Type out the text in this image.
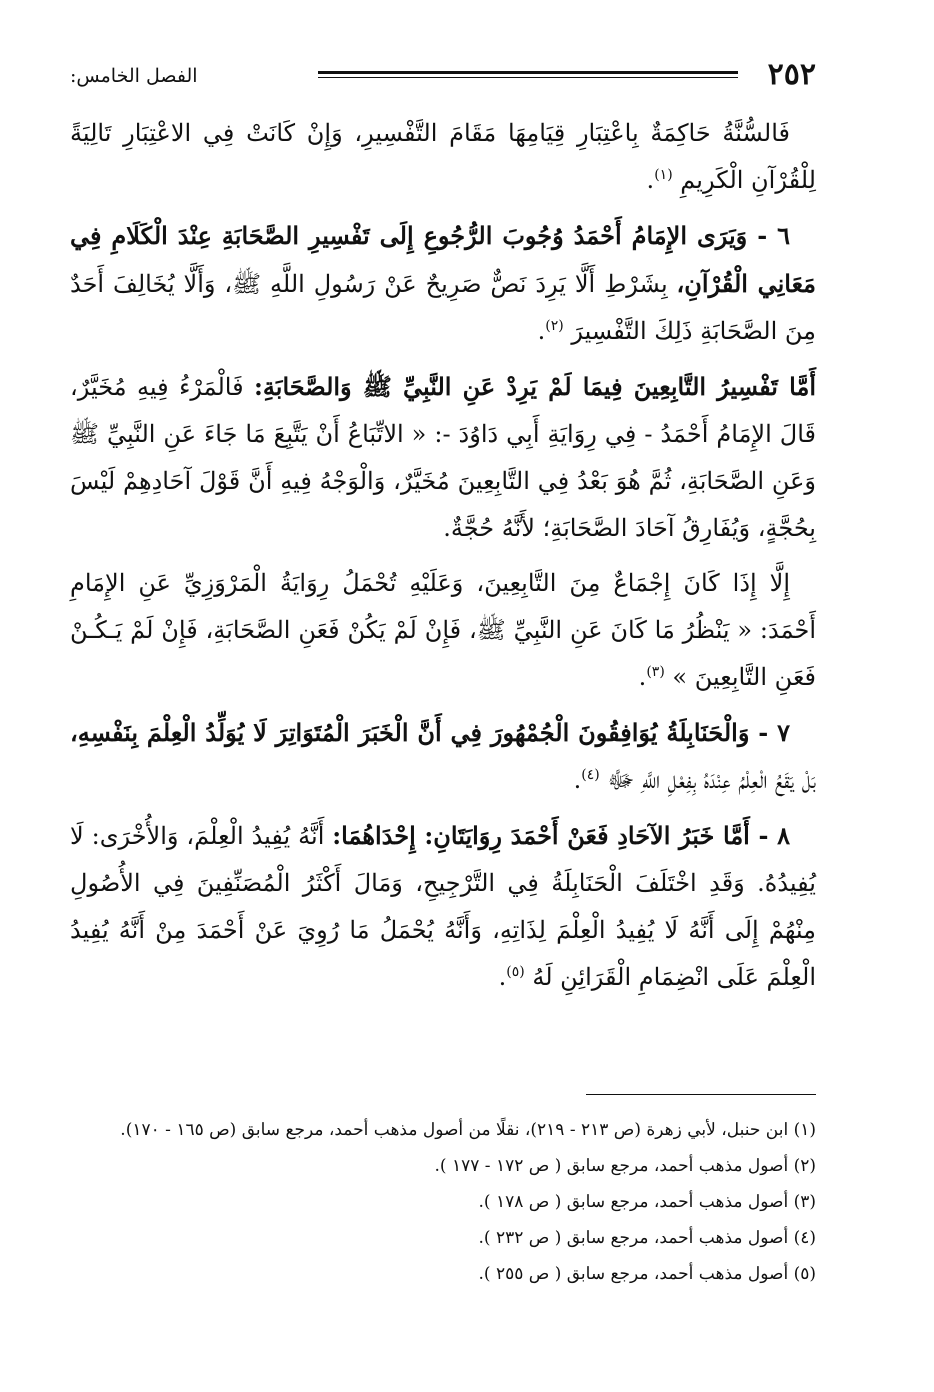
٢٥٢
الفصل الخامس:

فَالسُّنَّةُ حَاكِمَةٌ بِاعْتِبَارِ قِيَامِهَا مَقَامَ التَّفْسِيرِ، وَإِنْ كَانَتْ فِي الاعْتِبَارِ تَالِيَةً لِلْقُرْآنِ الْكَرِيمِ $^{(١)}$.

٦ - وَيَرَى الإِمَامُ أَحْمَدُ وُجُوبَ الرُّجُوعِ إِلَى تَفْسِيرِ الصَّحَابَةِ عِنْدَ الْكَلَامِ فِي مَعَانِي الْقُرْآنِ، بِشَرْطِ أَلَّا يَرِدَ نَصٌّ صَرِيحٌ عَنْ رَسُولِ اللَّهِ ﷺ، وَأَلَّا يُخَالِفَ أَحَدٌ مِنَ الصَّحَابَةِ ذَلِكَ التَّفْسِيرَ $^{(٢)}$.

أَمَّا تَفْسِيرُ التَّابِعِينَ فِيمَا لَمْ يَرِدْ عَنِ النَّبِيِّ ﷺ وَالصَّحَابَةِ: فَالْمَرْءُ فِيهِ مُخَيَّرٌ، قَالَ الإِمَامُ أَحْمَدُ - فِي رِوَايَةِ أَبِي دَاوُدَ -: « الاتِّبَاعُ أَنْ يَتَّبِعَ مَا جَاءَ عَنِ النَّبِيِّ ﷺ وَعَنِ الصَّحَابَةِ، ثُمَّ هُوَ بَعْدُ فِي التَّابِعِينَ مُخَيَّرٌ، وَالْوَجْهُ فِيهِ أَنَّ قَوْلَ آحَادِهِمْ لَيْسَ بِحُجَّةٍ، وَيُفَارِقُ آحَادَ الصَّحَابَةِ؛ لأَنَّهُ حُجَّةٌ.

إِلَّا إِذَا كَانَ إِجْمَاعٌ مِنَ التَّابِعِينَ، وَعَلَيْهِ تُحْمَلُ رِوَايَةُ الْمَرْوَزِيِّ عَنِ الإِمَامِ أَحْمَدَ: « يَنْظُرُ مَا كَانَ عَنِ النَّبِيِّ ﷺ، فَإِنْ لَمْ يَكُنْ فَعَنِ الصَّحَابَةِ، فَإِنْ لَمْ يَـكُـنْ فَعَنِ التَّابِعِينَ » $^{(٣)}$.

٧ - وَالْحَنَابِلَةُ يُوَافِقُونَ الْجُمْهُورَ فِي أَنَّ الْخَبَرَ الْمُتَوَاتِرَ لَا يُوَلِّدُ الْعِلْمَ بِنَفْسِهِ، بَلْ يَقَعُ الْعِلْمُ عِنْدَهُ بِفِعْلِ اللَّهِ ﷻ $^{(٤)}$.

٨ - أَمَّا خَبَرُ الآحَادِ فَعَنْ أَحْمَدَ رِوَايَتَانِ: إِحْدَاهُمَا: أَنَّهُ يُفِيدُ الْعِلْمَ، وَالأُخْرَى: لَا يُفِيدُهُ. وَقَدِ اخْتَلَفَ الْحَنَابِلَةُ فِي التَّرْجِيحِ، وَمَالَ أَكْثَرُ الْمُصَنِّفِينَ فِي الأُصُولِ مِنْهُمْ إِلَى أَنَّهُ لَا يُفِيدُ الْعِلْمَ لِذَاتِهِ، وَأَنَّهُ يُحْمَلُ مَا رُوِيَ عَنْ أَحْمَدَ مِنْ أَنَّهُ يُفِيدُ الْعِلْمَ عَلَى انْضِمَامِ الْقَرَائِنِ لَهُ $^{(٥)}$.

(١) ابن حنبل، لأبي زهرة (ص ٢١٣ - ٢١٩)، نقلًا من أصول مذهب أحمد، مرجع سابق (ص ١٦٥ - ١٧٠).

(٢) أصول مذهب أحمد، مرجع سابق ( ص ١٧٢ - ١٧٧ ).

(٣) أصول مذهب أحمد، مرجع سابق ( ص ١٧٨ ).

(٤) أصول مذهب أحمد، مرجع سابق ( ص ٢٣٢ ).

(٥) أصول مذهب أحمد، مرجع سابق ( ص ٢٥٥ ).
